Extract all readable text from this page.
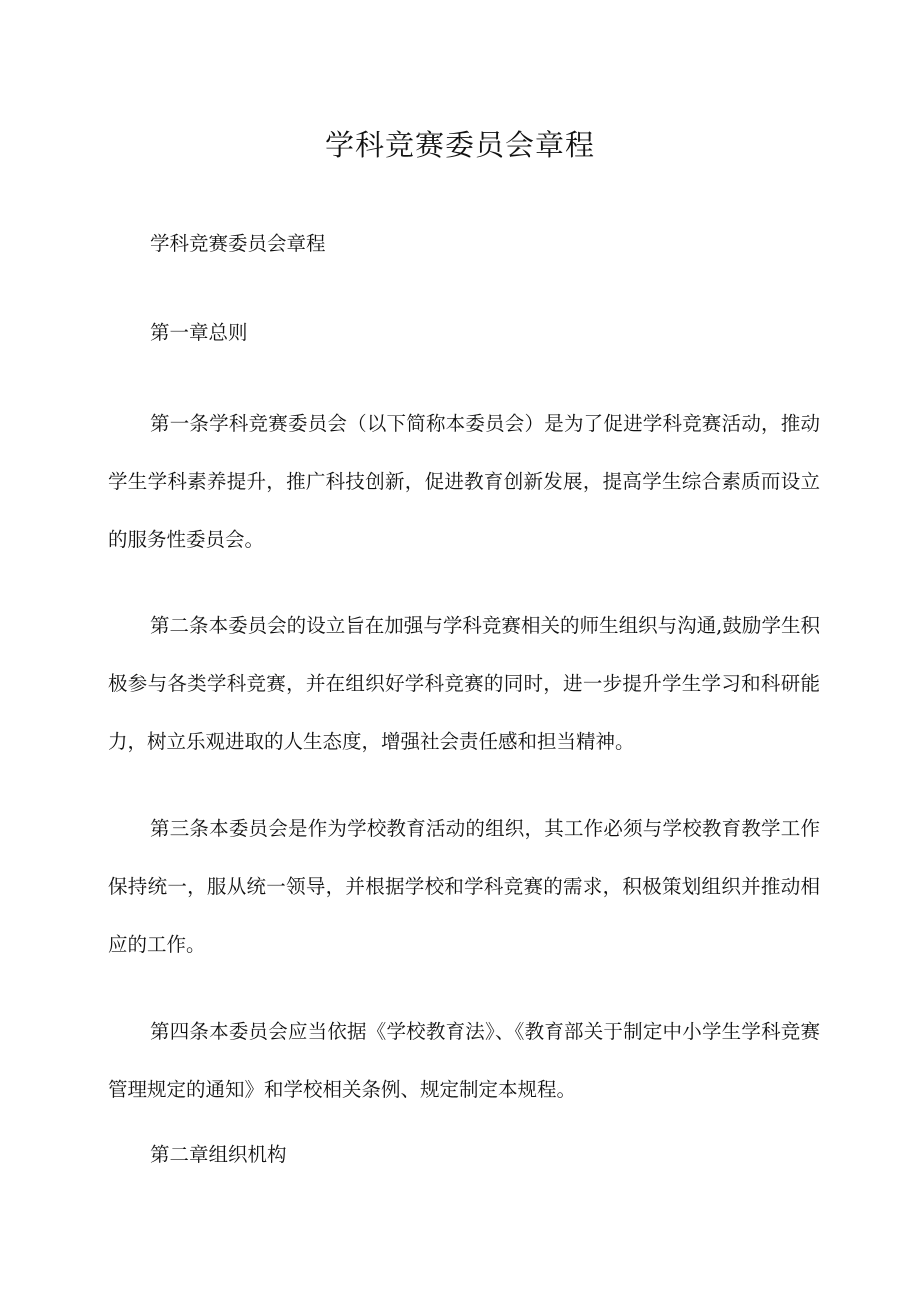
学科竞赛委员会章程

学科竞赛委员会章程

第一章总则

第一条学科竞赛委员会（以下简称本委员会）是为了促进学科竞赛活动，推动学生学科素养提升，推广科技创新，促进教育创新发展，提高学生综合素质而设立的服务性委员会。

第二条本委员会的设立旨在加强与学科竞赛相关的师生组织与沟通,鼓励学生积极参与各类学科竞赛，并在组织好学科竞赛的同时，进一步提升学生学习和科研能力，树立乐观进取的人生态度，增强社会责任感和担当精神。

第三条本委员会是作为学校教育活动的组织，其工作必须与学校教育教学工作保持统一，服从统一领导，并根据学校和学科竞赛的需求，积极策划组织并推动相应的工作。

第四条本委员会应当依据《学校教育法》、《教育部关于制定中小学生学科竞赛管理规定的通知》和学校相关条例、规定制定本规程。

第二章组织机构
